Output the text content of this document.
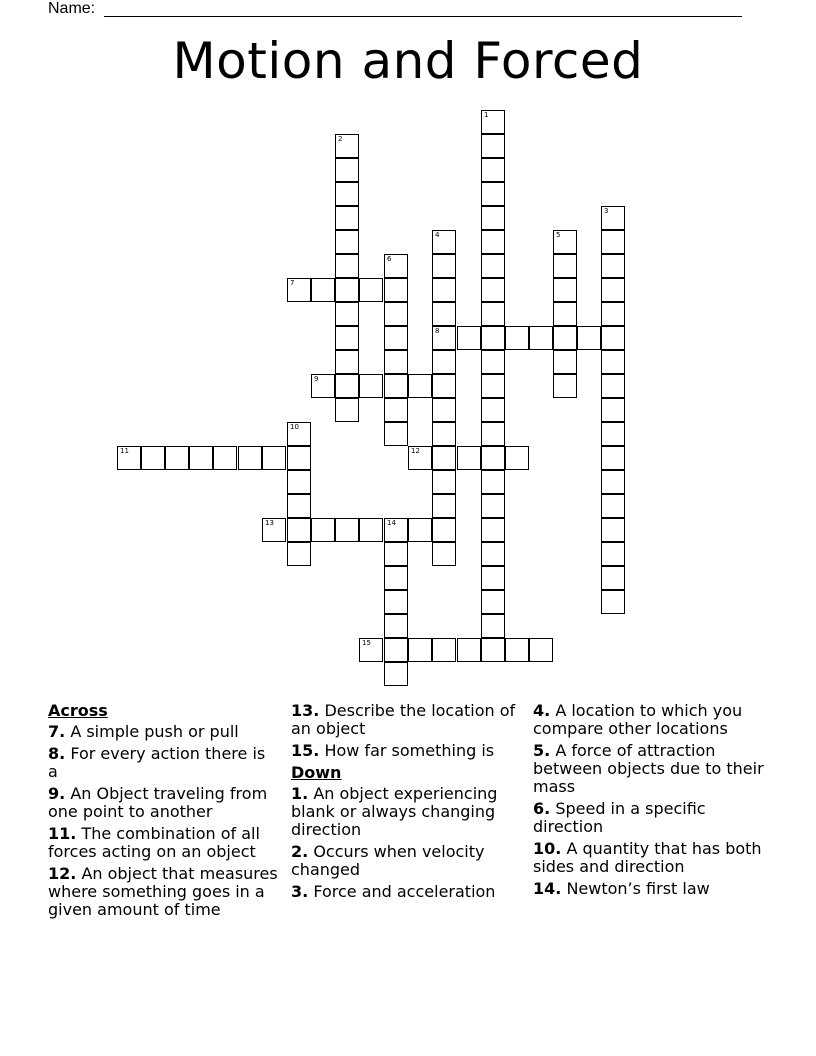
Name:
Motion and Forced
1
2
3
4
8
5
6
7
9
10
11	12
13	14
15
Across
7. A simple push or pull
8. For every action there is a
9. An Object traveling from one point to another
11. The combination of all forces acting on an object
12. An object that measures where something goes in a given amount of time
13. Describe the location of an object
15. How far something is
Down
1. An object experiencing blank or always changing direction
2. Occurs when velocity changed
3. Force and acceleration
4. A location to which you compare other locations
5. A force of attraction between objects due to their mass
6. Speed in a specific direction
10. A quantity that has both sides and direction
14. Newton’s first law
